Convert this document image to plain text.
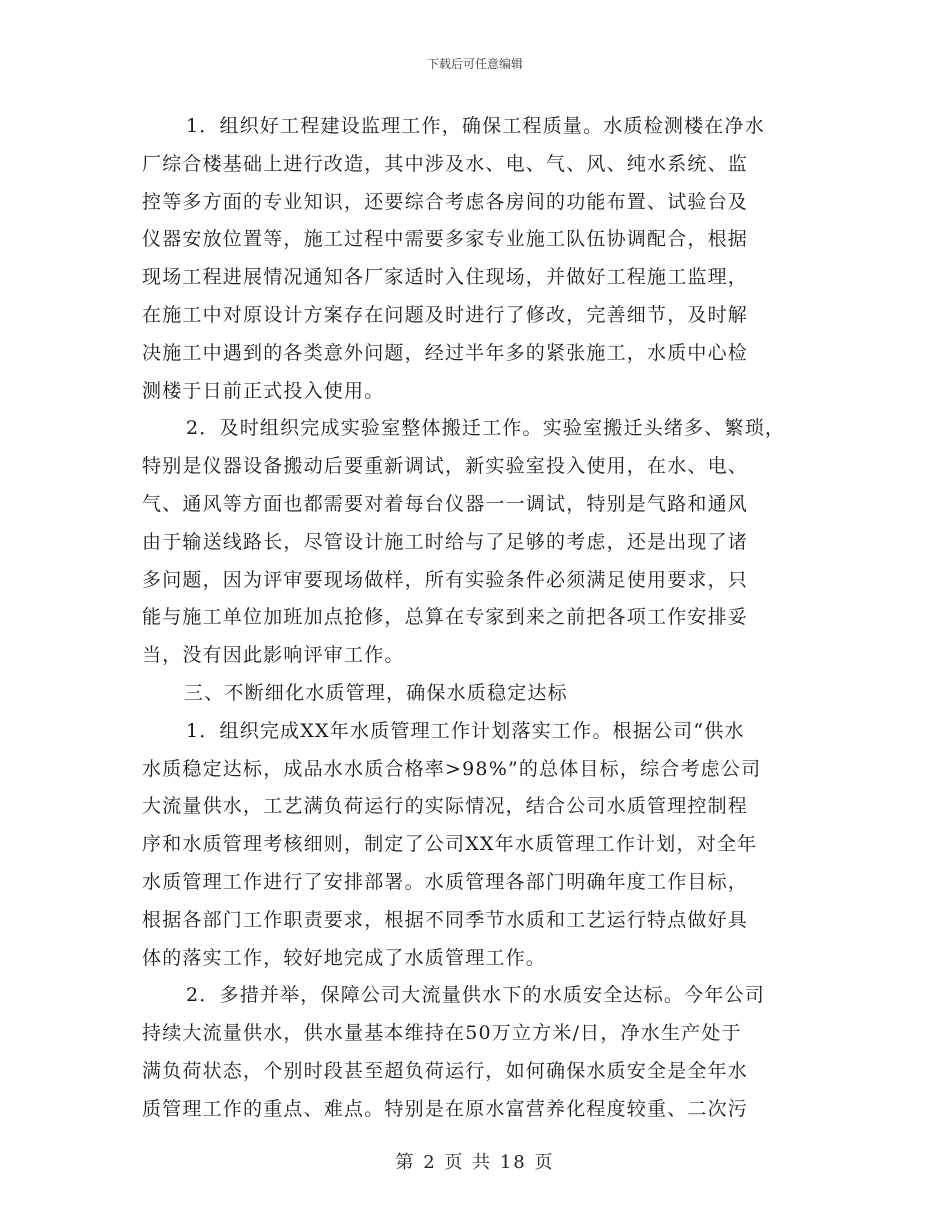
下载后可任意编辑
1．组织好工程建设监理工作，确保工程质量。水质检测楼在净水
厂综合楼基础上进行改造，其中涉及水、电、气、风、纯水系统、监
控等多方面的专业知识，还要综合考虑各房间的功能布置、试验台及
仪器安放位置等，施工过程中需要多家专业施工队伍协调配合，根据
现场工程进展情况通知各厂家适时入住现场，并做好工程施工监理，
在施工中对原设计方案存在问题及时进行了修改，完善细节，及时解
决施工中遇到的各类意外问题，经过半年多的紧张施工，水质中心检
测楼于日前正式投入使用。
2．及时组织完成实验室整体搬迁工作。实验室搬迁头绪多、繁琐，
特别是仪器设备搬动后要重新调试，新实验室投入使用，在水、电、
气、通风等方面也都需要对着每台仪器一一调试，特别是气路和通风
由于输送线路长，尽管设计施工时给与了足够的考虑，还是出现了诸
多问题，因为评审要现场做样，所有实验条件必须满足使用要求，只
能与施工单位加班加点抢修，总算在专家到来之前把各项工作安排妥
当，没有因此影响评审工作。
三、不断细化水质管理，确保水质稳定达标
1．组织完成XX年水质管理工作计划落实工作。根据公司“供水
水质稳定达标，成品水水质合格率>98%”的总体目标，综合考虑公司
大流量供水，工艺满负荷运行的实际情况，结合公司水质管理控制程
序和水质管理考核细则，制定了公司XX年水质管理工作计划，对全年
水质管理工作进行了安排部署。水质管理各部门明确年度工作目标，
根据各部门工作职责要求，根据不同季节水质和工艺运行特点做好具
体的落实工作，较好地完成了水质管理工作。
2．多措并举，保障公司大流量供水下的水质安全达标。今年公司
持续大流量供水，供水量基本维持在50万立方米/日，净水生产处于
满负荷状态，个别时段甚至超负荷运行，如何确保水质安全是全年水
质管理工作的重点、难点。特别是在原水富营养化程度较重、二次污
第 2 页 共 18 页
